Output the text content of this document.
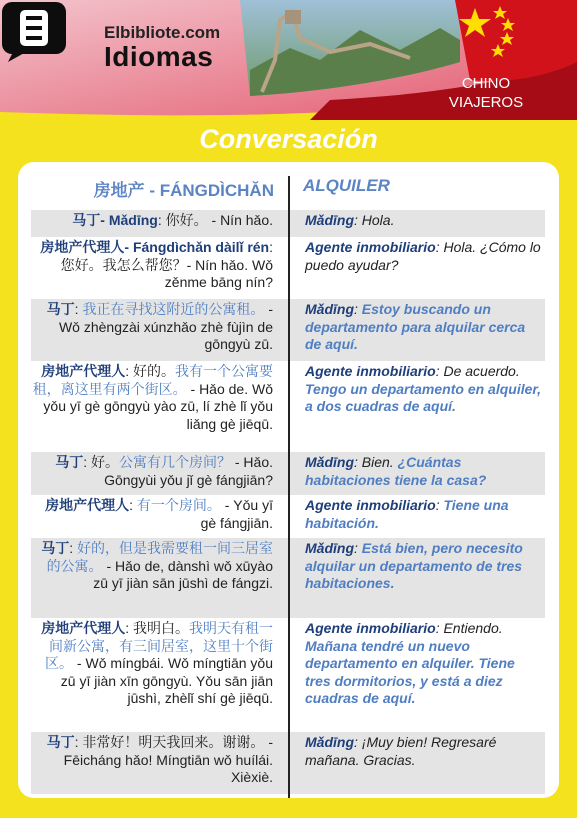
Elbibliote.com
Idiomas
CHINO
VIAJEROS
Conversación
房地产 - FÁNGDÌCHĂN ALQUILER
马丁- Mǎdīng: 你好。 - Nín hǎo. Mǎdīng: Hola.
房地产代理人- Fángdìchǎn dàilǐ rén: 您好。我怎么帮您？- Nín hǎo. Wǒ zěnme bāng nín?
Agente inmobiliario: Hola. ¿Cómo lo puedo ayudar?
马丁: 我正在寻找这附近的公寓租。 - Wǒ zhèngzài xúnzhǎo zhè fùjìn de gōngyù zū.
Mǎdīng: Estoy buscando un departamento para alquilar cerca de aquí.
房地产代理人: 好的。我有一个公寓要租，离这里有两个街区。 - Hǎo de. Wǒ yǒu yī gè gōngyù yào zū, lí zhè lǐ yǒu liǎng gè jiēqū.
Agente inmobiliario: De acuerdo. Tengo un departamento en alquiler, a dos cuadras de aquí.
马丁: 好。公寓有几个房间？ - Hǎo. Gōngyùi yǒu jǐ gè fángjiān?
Mǎdīng: Bien. ¿Cuántas habitaciones tiene la casa?
房地产代理人: 有一个房间。 - Yǒu yī gè fángjiān.
Agente inmobiliario: Tiene una habitación.
马丁: 好的，但是我需要租一间三居室的公寓。 - Hǎo de, dànshì wǒ xūyào zū yī jiàn sān jūshì de fángzi.
Mǎdīng: Está bien, pero necesito alquilar un departamento de tres habitaciones.
房地产代理人: 我明白。我明天有租一间新公寓，有三间居室，这里十个街区。 - Wǒ míngbái. Wǒ míngtiān yǒu zū yī jiàn xīn gōngyù. Yǒu sān jiān jūshì, zhèlǐ shí gè jiēqū.
Agente inmobiliario: Entiendo. Mañana tendré un nuevo departamento en alquiler. Tiene tres dormitorios, y está a diez cuadras de aquí.
马丁: 非常好！明天我回来。谢谢。 - Fēicháng hǎo! Míngtiān wǒ huílái. Xièxiè.
Mǎdīng: ¡Muy bien! Regresaré mañana. Gracias.
